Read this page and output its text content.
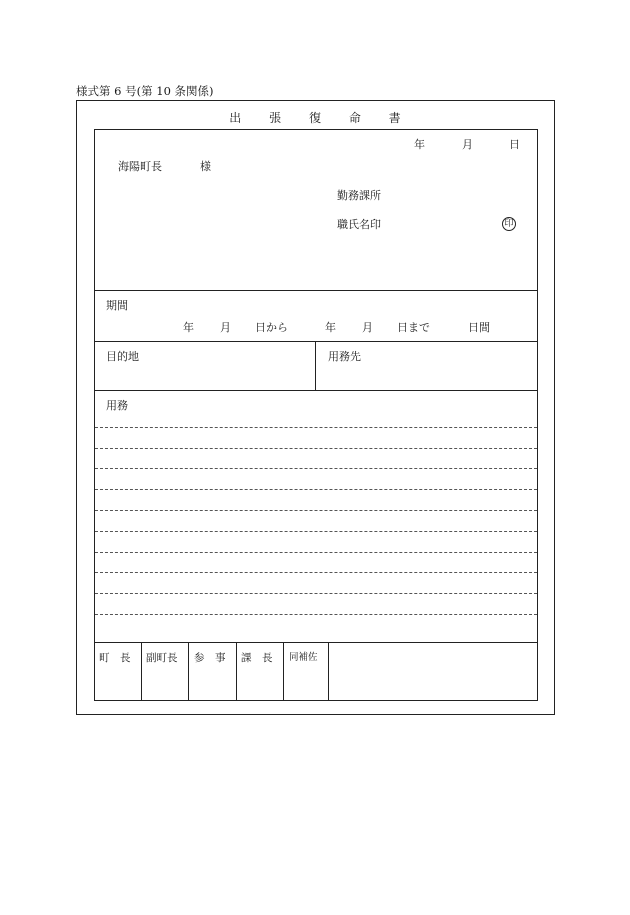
様式第 6 号(第 10 条関係)
出 張 復 命 書
年	月	日
海陽町長	様
勤務課所
職氏名印	印
期間
年 月 日から	年 月 日まで	日間
目的地	用務先
用務
町　長 副町長 参　事 課　長 同補佐
